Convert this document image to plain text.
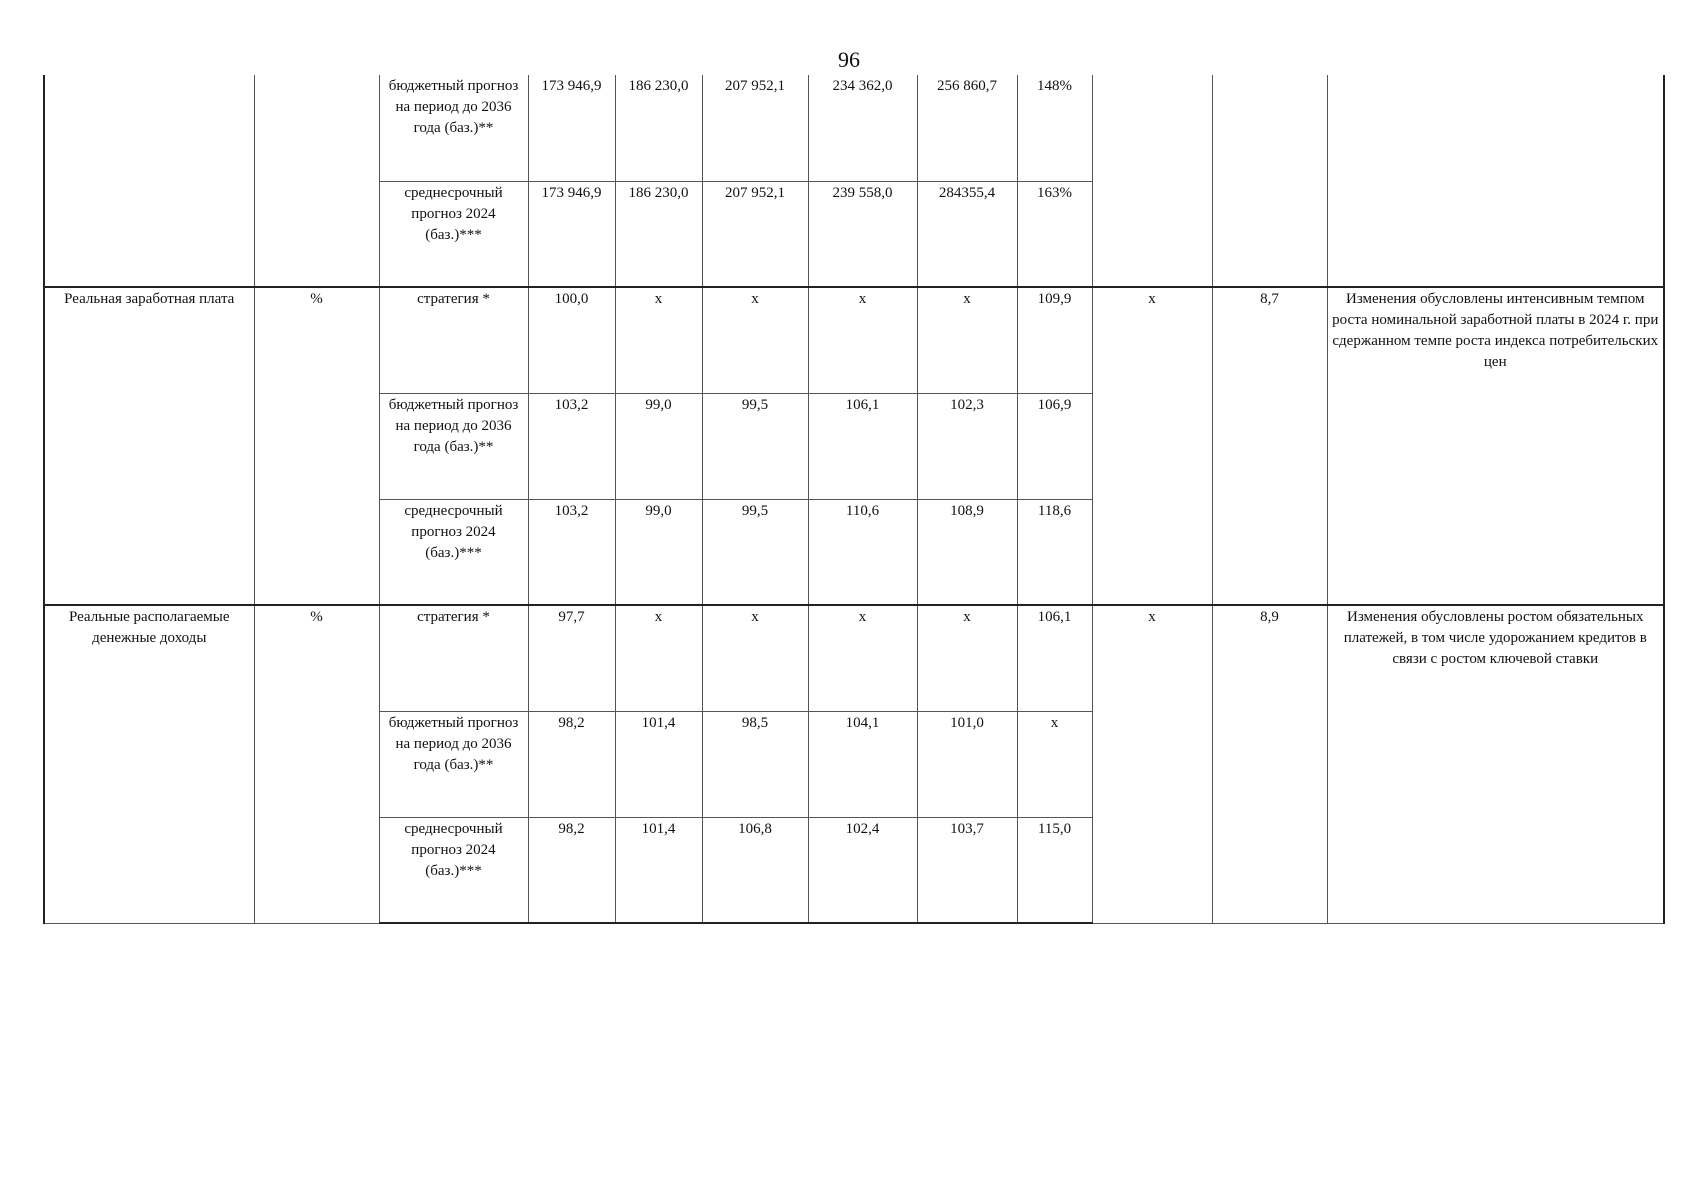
96
		бюджетный прогноз на период до 2036 года (баз.)**	173 946,9	186 230,0	207 952,1	234 362,0	256 860,7	148%			
		среднесрочный прогноз 2024 (баз.)***	173 946,9	186 230,0	207 952,1	239 558,0	284355,4	163%			
Реальная заработная плата	%	стратегия *	100,0	x	x	x	x	109,9	x	8,7	Изменения обусловлены интенсивным темпом роста номинальной заработной платы в 2024 г. при сдержанном темпе роста индекса потребительских цен
		бюджетный прогноз на период до 2036 года (баз.)**	103,2	99,0	99,5	106,1	102,3	106,9			
		среднесрочный прогноз 2024 (баз.)***	103,2	99,0	99,5	110,6	108,9	118,6			
Реальные располагаемые денежные доходы	%	стратегия *	97,7	x	x	x	x	106,1	x	8,9	Изменения обусловлены ростом обязательных платежей, в том числе удорожанием кредитов в связи с ростом ключевой ставки
		бюджетный прогноз на период до 2036 года (баз.)**	98,2	101,4	98,5	104,1	101,0	x			
		среднесрочный прогноз 2024 (баз.)***	98,2	101,4	106,8	102,4	103,7	115,0			
